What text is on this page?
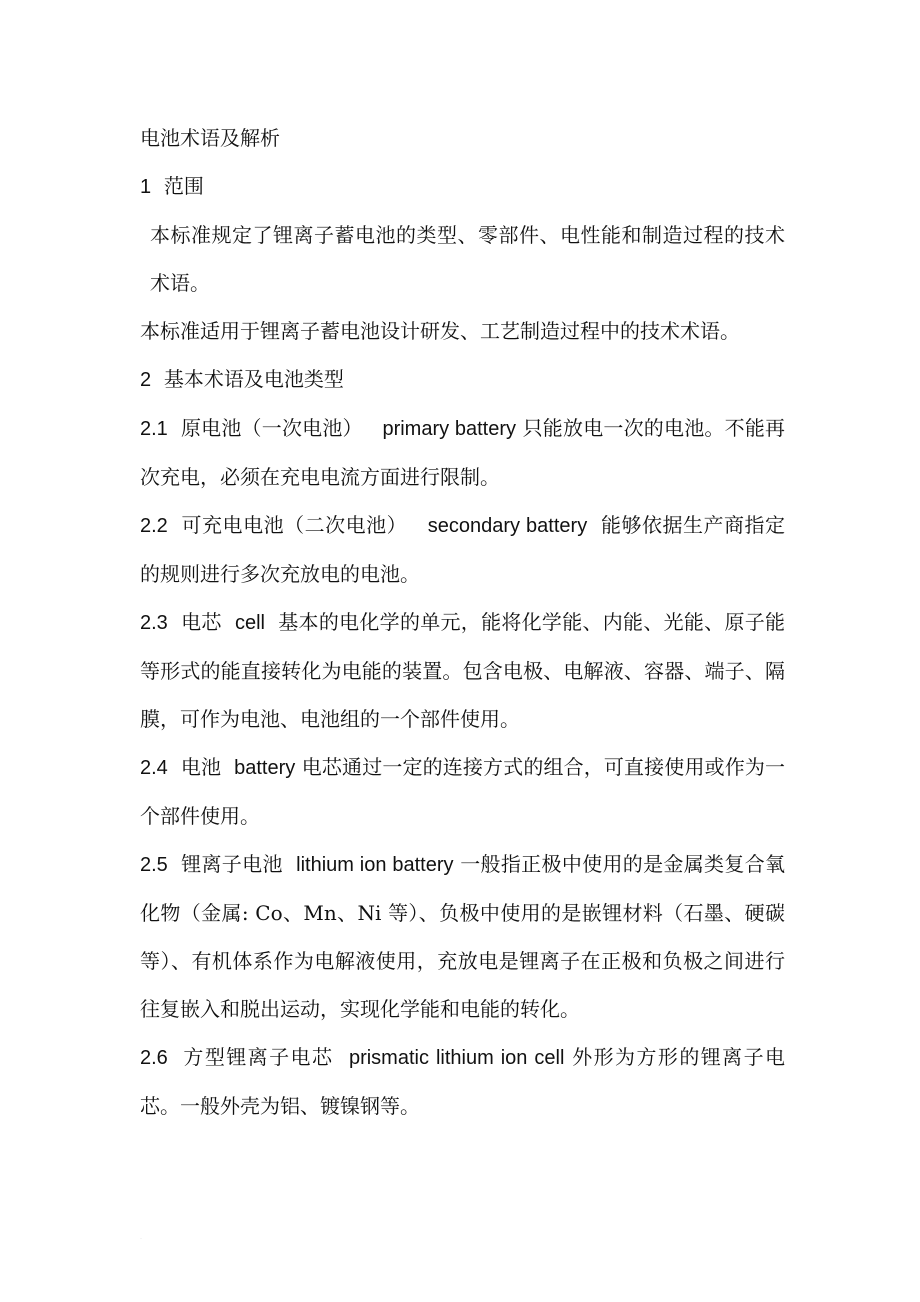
电池术语及解析

1 范围

本标准规定了锂离子蓄电池的类型、零部件、电性能和制造过程的技术术语。

本标准适用于锂离子蓄电池设计研发、工艺制造过程中的技术术语。

2 基本术语及电池类型

2.1 原电池（一次电池） primary battery 只能放电一次的电池。不能再次充电，必须在充电电流方面进行限制。

2.2 可充电电池（二次电池） secondary battery 能够依据生产商指定的规则进行多次充放电的电池。

2.3 电芯 cell 基本的电化学的单元，能将化学能、内能、光能、原子能等形式的能直接转化为电能的装置。包含电极、电解液、容器、端子、隔膜，可作为电池、电池组的一个部件使用。

2.4 电池 battery 电芯通过一定的连接方式的组合，可直接使用或作为一个部件使用。

2.5 锂离子电池 lithium ion battery 一般指正极中使用的是金属类复合氧化物（金属: Co、Mn、Ni 等）、负极中使用的是嵌锂材料（石墨、硬碳等）、有机体系作为电解液使用，充放电是锂离子在正极和负极之间进行往复嵌入和脱出运动，实现化学能和电能的转化。

2.6 方型锂离子电芯 prismatic lithium ion cell 外形为方形的锂离子电芯。一般外壳为铝、镀镍钢等。

·
